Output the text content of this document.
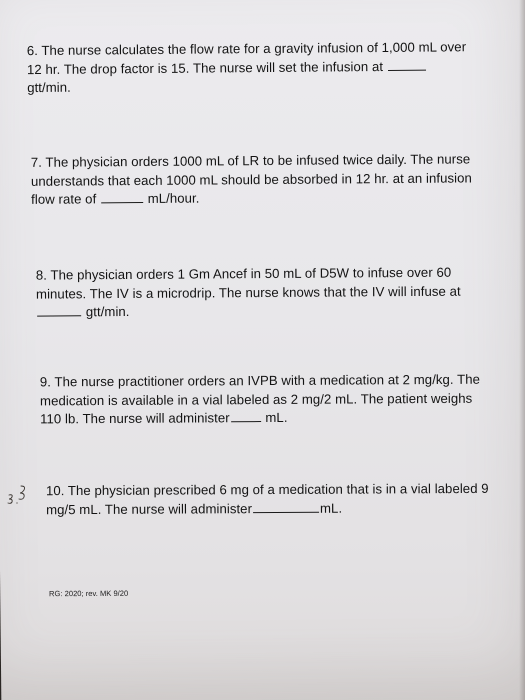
6. The nurse calculates the flow rate for a gravity infusion of 1,000 mL over
12 hr. The drop factor is 15. The nurse will set the infusion at
gtt/min.
7. The physician orders 1000 mL of LR to be infused twice daily. The nurse
understands that each 1000 mL should be absorbed in 12 hr. at an infusion
flow rate of	mL/hour.
8. The physician orders 1 Gm Ancef in 50 mL of D5W to infuse over 60
minutes. The IV is a microdrip. The nurse knows that the IV will infuse at
gtt/min.
9. The nurse practitioner orders an IVPB with a medication at 2 mg/kg. The
medication is available in a vial labeled as 2 mg/2 mL. The patient weighs
110 lb. The nurse will administer	mL.
10. The physician prescribed 6 mg of a medication that is in a vial labeled 9
mg/5 mL. The nurse will administer	mL.
RG: 2020; rev. MK 9/20
